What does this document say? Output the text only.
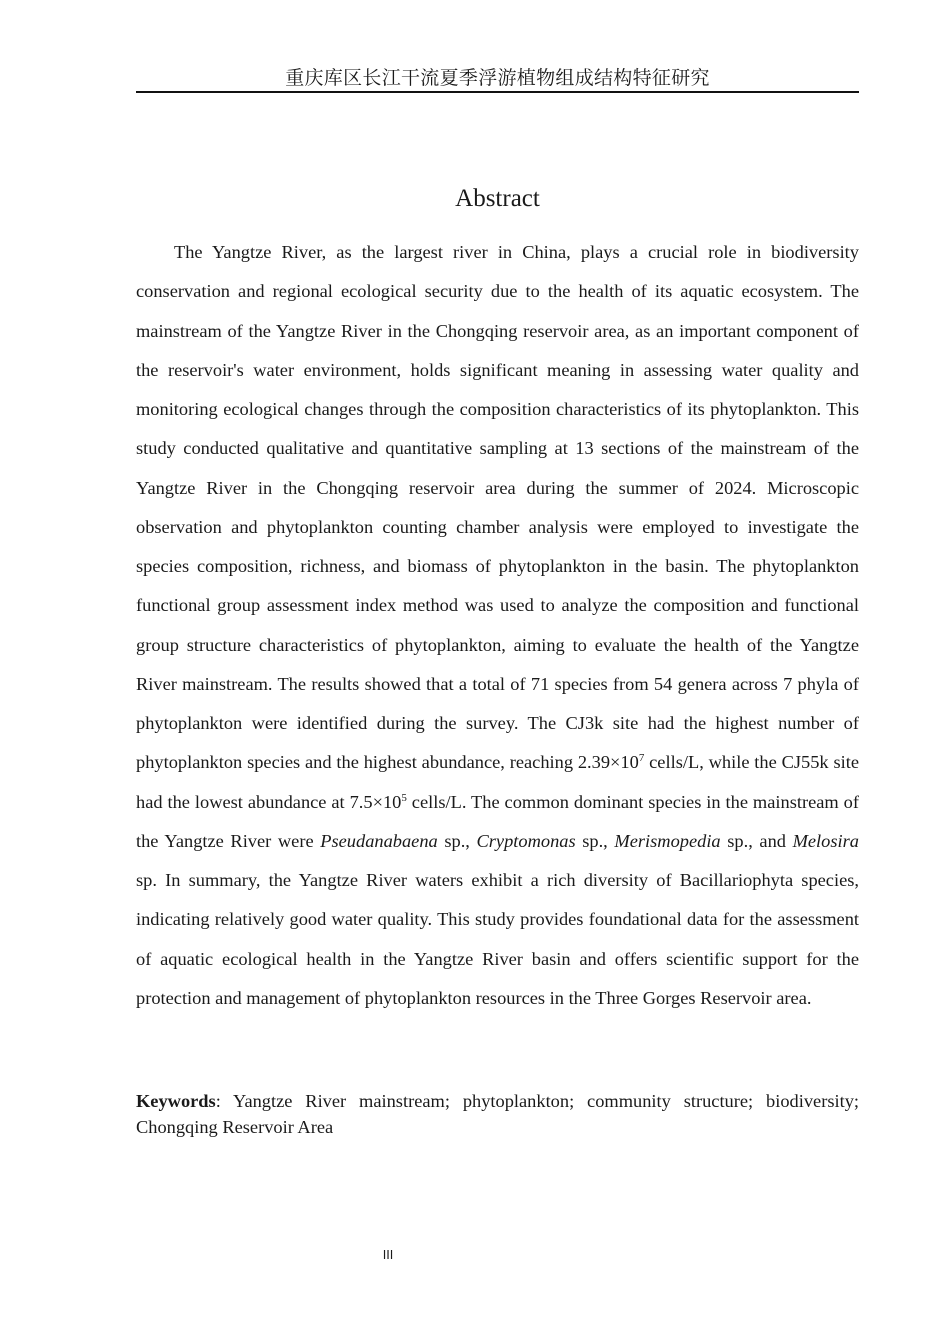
重庆库区长江干流夏季浮游植物组成结构特征研究
Abstract

The Yangtze River, as the largest river in China, plays a crucial role in biodiversity conservation and regional ecological security due to the health of its aquatic ecosystem. The mainstream of the Yangtze River in the Chongqing reservoir area, as an important component of the reservoir's water environment, holds significant meaning in assessing water quality and monitoring ecological changes through the composition characteristics of its phytoplankton. This study conducted qualitative and quantitative sampling at 13 sections of the mainstream of the Yangtze River in the Chongqing reservoir area during the summer of 2024. Microscopic observation and phytoplankton counting chamber analysis were employed to investigate the species composition, richness, and biomass of phytoplankton in the basin. The phytoplankton functional group assessment index method was used to analyze the composition and functional group structure characteristics of phytoplankton, aiming to evaluate the health of the Yangtze River mainstream. The results showed that a total of 71 species from 54 genera across 7 phyla of phytoplankton were identified during the survey. The CJ3k site had the highest number of phytoplankton species and the highest abundance, reaching $2.39\times 10^7$ cells/L, while the CJ55k site had the lowest abundance at $7.5\times 10^5$ cells/L. The common dominant species in the mainstream of the Yangtze River were Pseudanabaena sp., Cryptomonas sp., Merismopedia sp., and Melosira sp. In summary, the Yangtze River waters exhibit a rich diversity of Bacillariophyta species, indicating relatively good water quality. This study provides foundational data for the assessment of aquatic ecological health in the Yangtze River basin and offers scientific support for the protection and management of phytoplankton resources in the Three Gorges Reservoir area.

Keywords: Yangtze River mainstream; phytoplankton; community structure; biodiversity; Chongqing Reservoir Area

III
